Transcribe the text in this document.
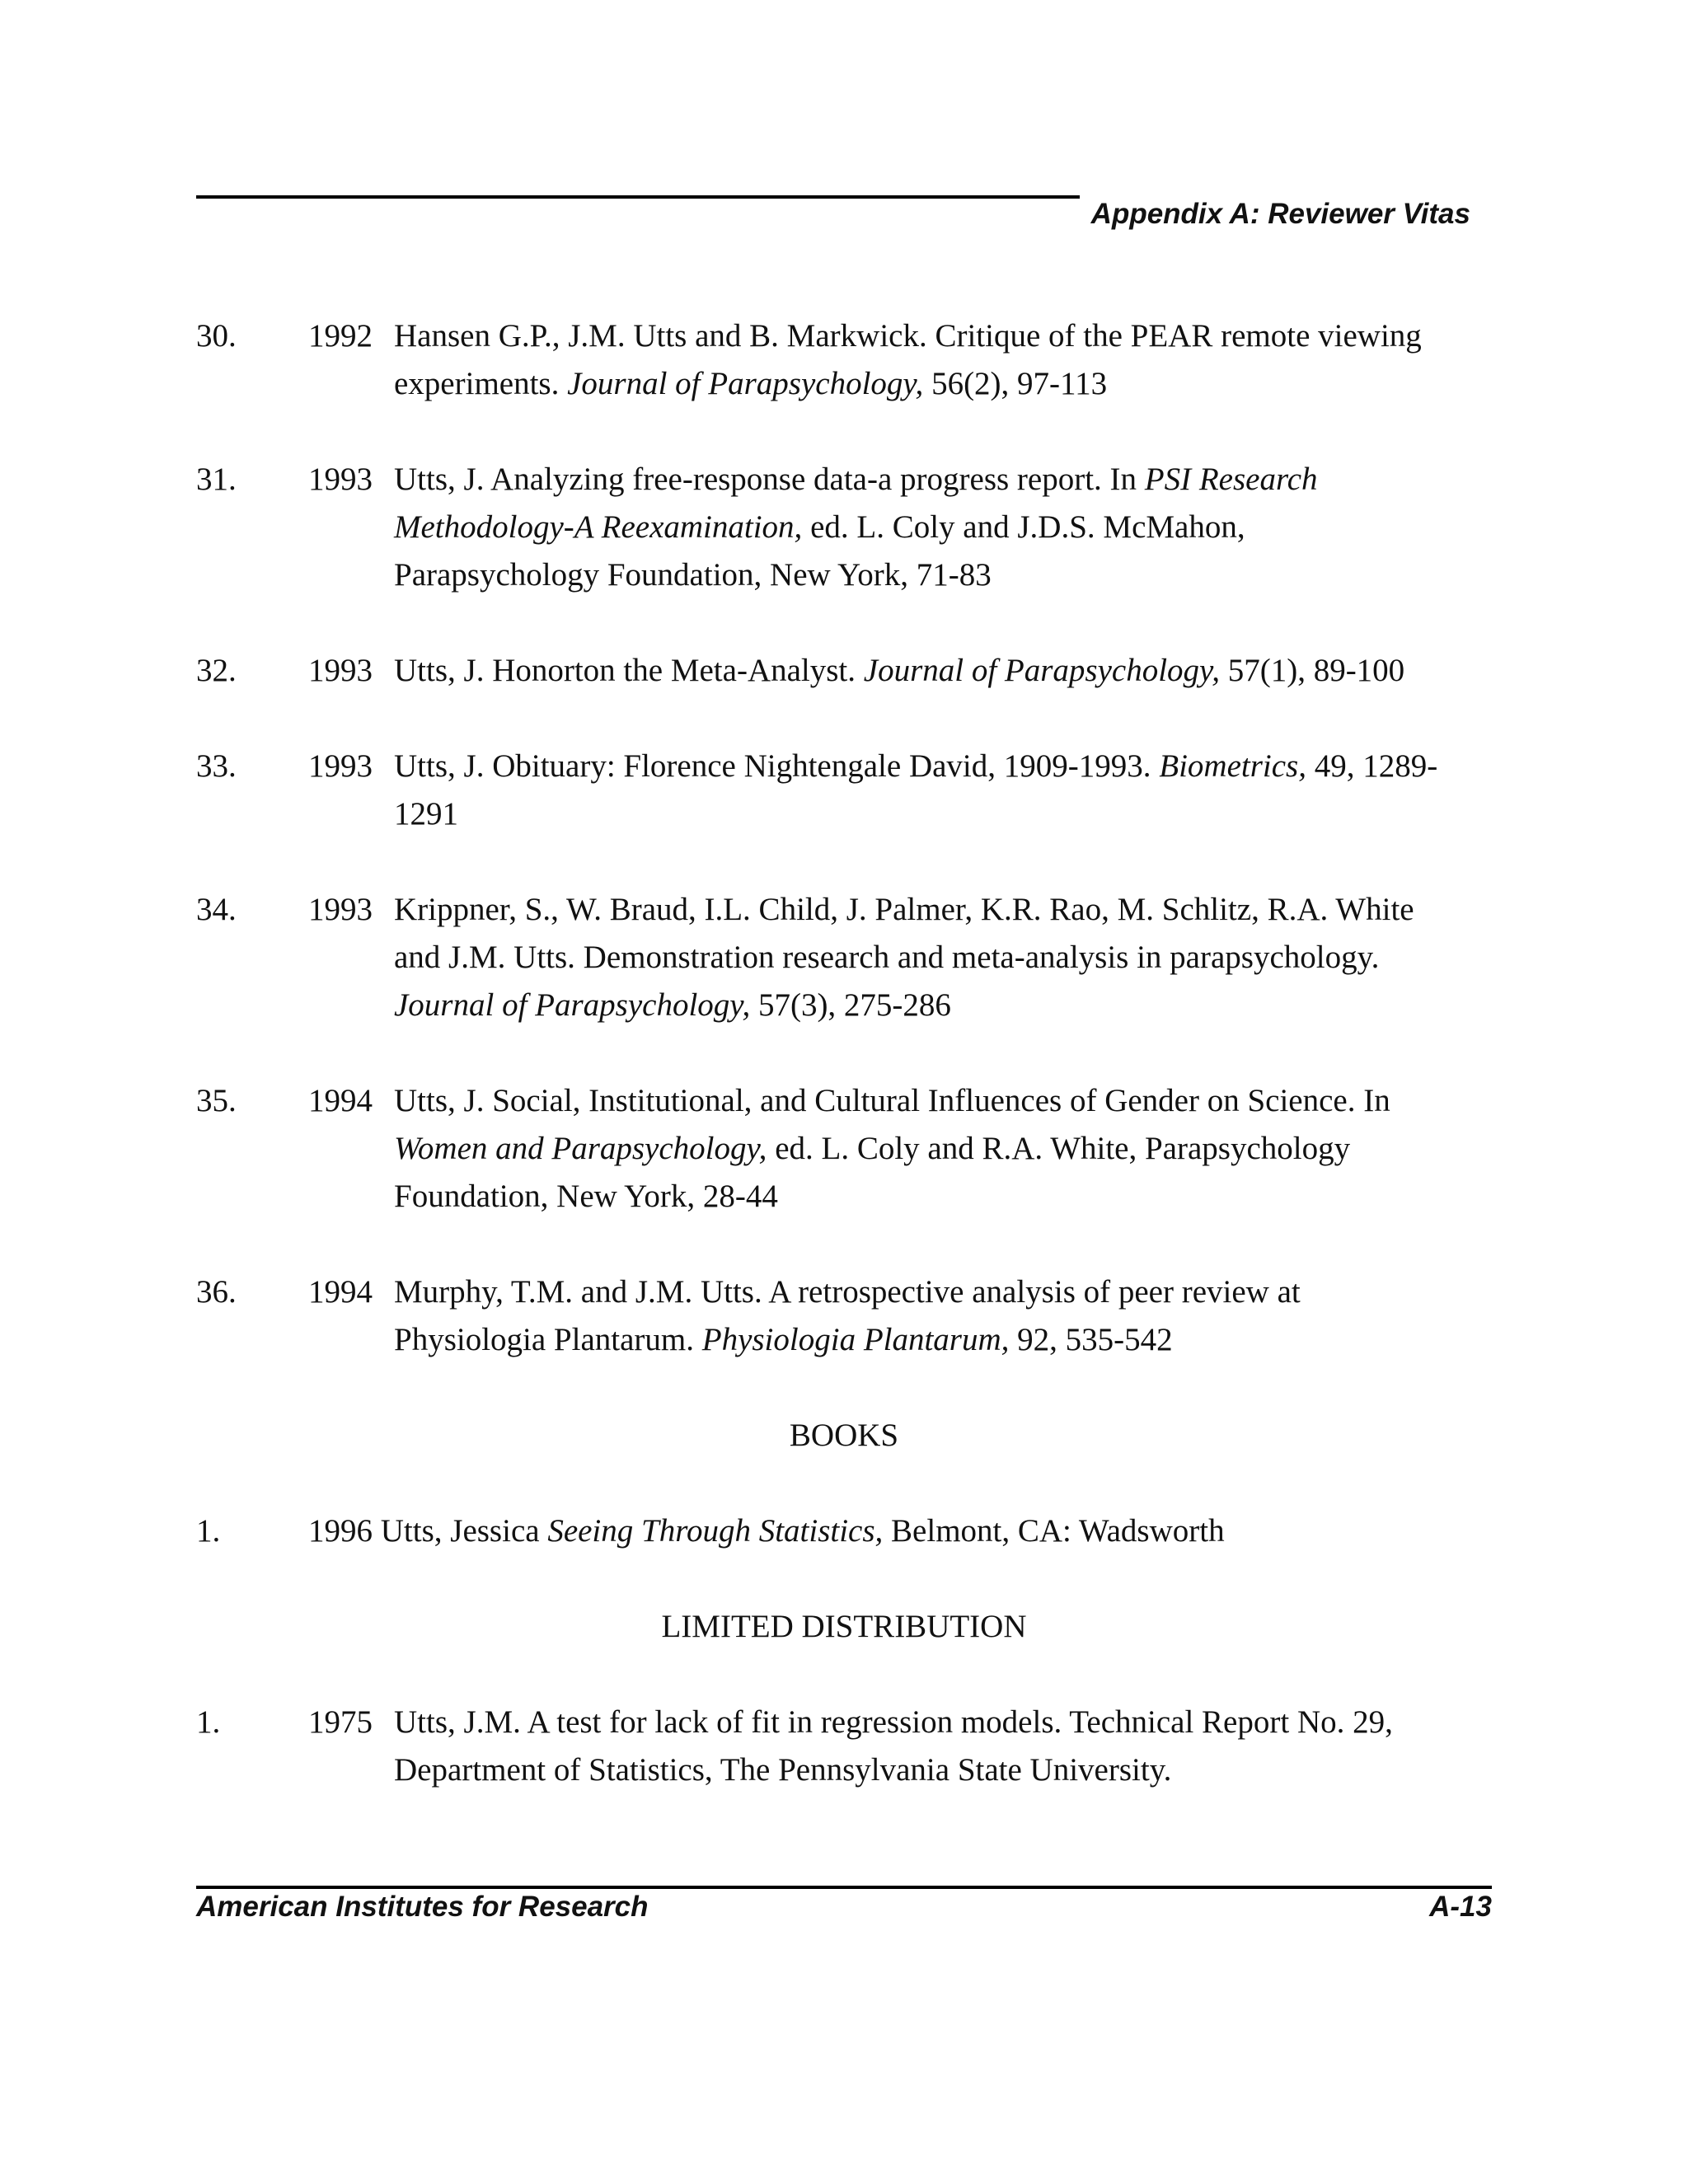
Appendix A: Reviewer Vitas
30. 1992 Hansen G.P., J.M. Utts and B. Markwick. Critique of the PEAR remote viewing
experiments. Journal of Parapsychology, 56(2), 97-113
31. 1993 Utts, J. Analyzing free-response data-a progress report. In PSI Research
Methodology-A Reexamination, ed. L. Coly and J.D.S. McMahon,
Parapsychology Foundation, New York, 71-83
32. 1993 Utts, J. Honorton the Meta-Analyst. Journal of Parapsychology, 57(1), 89-100
33. 1993 Utts, J. Obituary: Florence Nightengale David, 1909-1993. Biometrics, 49, 1289-
1291
34. 1993 Krippner, S., W. Braud, I.L. Child, J. Palmer, K.R. Rao, M. Schlitz, R.A. White
and J.M. Utts. Demonstration research and meta-analysis in parapsychology.
Journal of Parapsychology, 57(3), 275-286
35. 1994 Utts, J. Social, Institutional, and Cultural Influences of Gender on Science. In
Women and Parapsychology, ed. L. Coly and R.A. White, Parapsychology
Foundation, New York, 28-44
36. 1994 Murphy, T.M. and J.M. Utts. A retrospective analysis of peer review at
Physiologia Plantarum. Physiologia Plantarum, 92, 535-542
BOOKS
1.	1996 Utts, Jessica Seeing Through Statistics, Belmont, CA: Wadsworth
LIMITED DISTRIBUTION
1.	1975 Utts, J.M. A test for lack of fit in regression models. Technical Report No. 29,
Department of Statistics, The Pennsylvania State University.
American Institutes for Research	A-13
